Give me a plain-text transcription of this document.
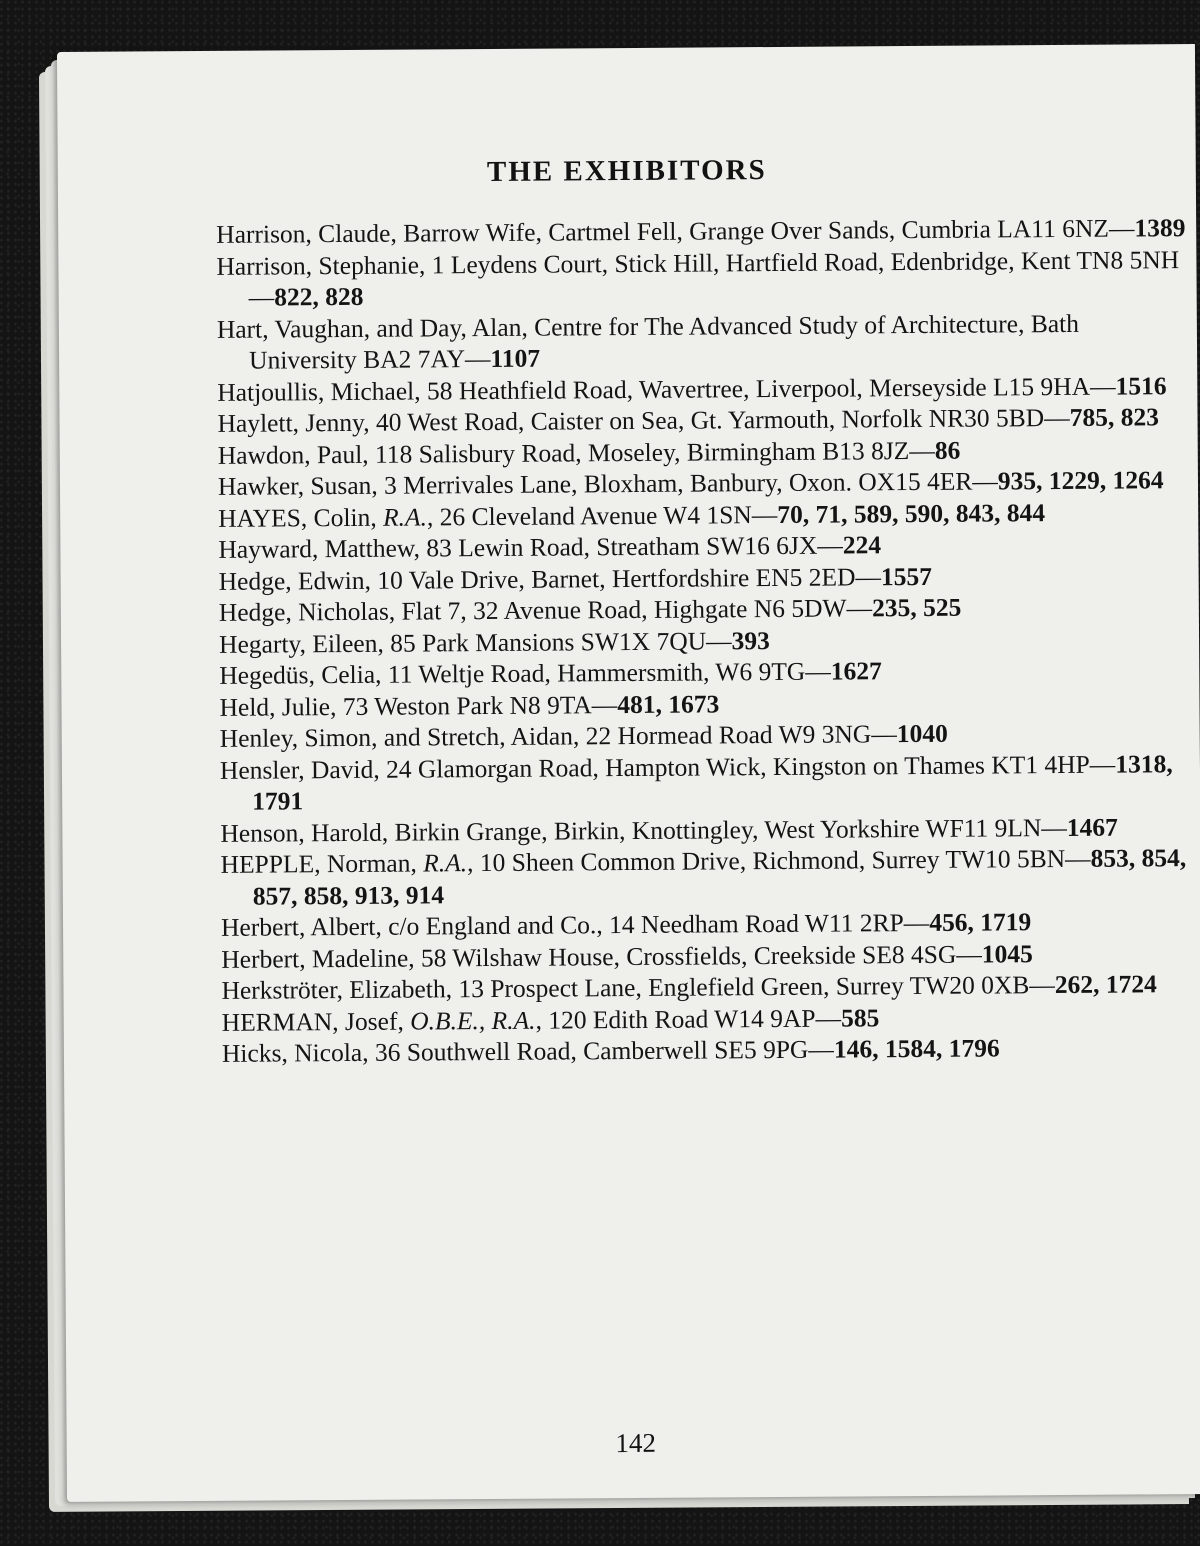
THE EXHIBITORS
Harrison, Claude, Barrow Wife, Cartmel Fell, Grange Over Sands, Cumbria LA11 6NZ—1389
Harrison, Stephanie, 1 Leydens Court, Stick Hill, Hartfield Road, Edenbridge, Kent TN8 5NH—822, 828
Hart, Vaughan, and Day, Alan, Centre for The Advanced Study of Architecture, Bath University BA2 7AY—1107
Hatjoullis, Michael, 58 Heathfield Road, Wavertree, Liverpool, Merseyside L15 9HA—1516
Haylett, Jenny, 40 West Road, Caister on Sea, Gt. Yarmouth, Norfolk NR30 5BD—785, 823
Hawdon, Paul, 118 Salisbury Road, Moseley, Birmingham B13 8JZ—86
Hawker, Susan, 3 Merrivales Lane, Bloxham, Banbury, Oxon. OX15 4ER—935, 1229, 1264
HAYES, Colin, R.A., 26 Cleveland Avenue W4 1SN—70, 71, 589, 590, 843, 844
Hayward, Matthew, 83 Lewin Road, Streatham SW16 6JX—224
Hedge, Edwin, 10 Vale Drive, Barnet, Hertfordshire EN5 2ED—1557
Hedge, Nicholas, Flat 7, 32 Avenue Road, Highgate N6 5DW—235, 525
Hegarty, Eileen, 85 Park Mansions SW1X 7QU—393
Hegedüs, Celia, 11 Weltje Road, Hammersmith, W6 9TG—1627
Held, Julie, 73 Weston Park N8 9TA—481, 1673
Henley, Simon, and Stretch, Aidan, 22 Hormead Road W9 3NG—1040
Hensler, David, 24 Glamorgan Road, Hampton Wick, Kingston on Thames KT1 4HP—1318, 1791
Henson, Harold, Birkin Grange, Birkin, Knottingley, West Yorkshire WF11 9LN—1467
HEPPLE, Norman, R.A., 10 Sheen Common Drive, Richmond, Surrey TW10 5BN—853, 854, 857, 858, 913, 914
Herbert, Albert, c/o England and Co., 14 Needham Road W11 2RP—456, 1719
Herbert, Madeline, 58 Wilshaw House, Crossfields, Creekside SE8 4SG—1045
Herkströter, Elizabeth, 13 Prospect Lane, Englefield Green, Surrey TW20 0XB—262, 1724
HERMAN, Josef, O.B.E., R.A., 120 Edith Road W14 9AP—585
Hicks, Nicola, 36 Southwell Road, Camberwell SE5 9PG—146, 1584, 1796
142
